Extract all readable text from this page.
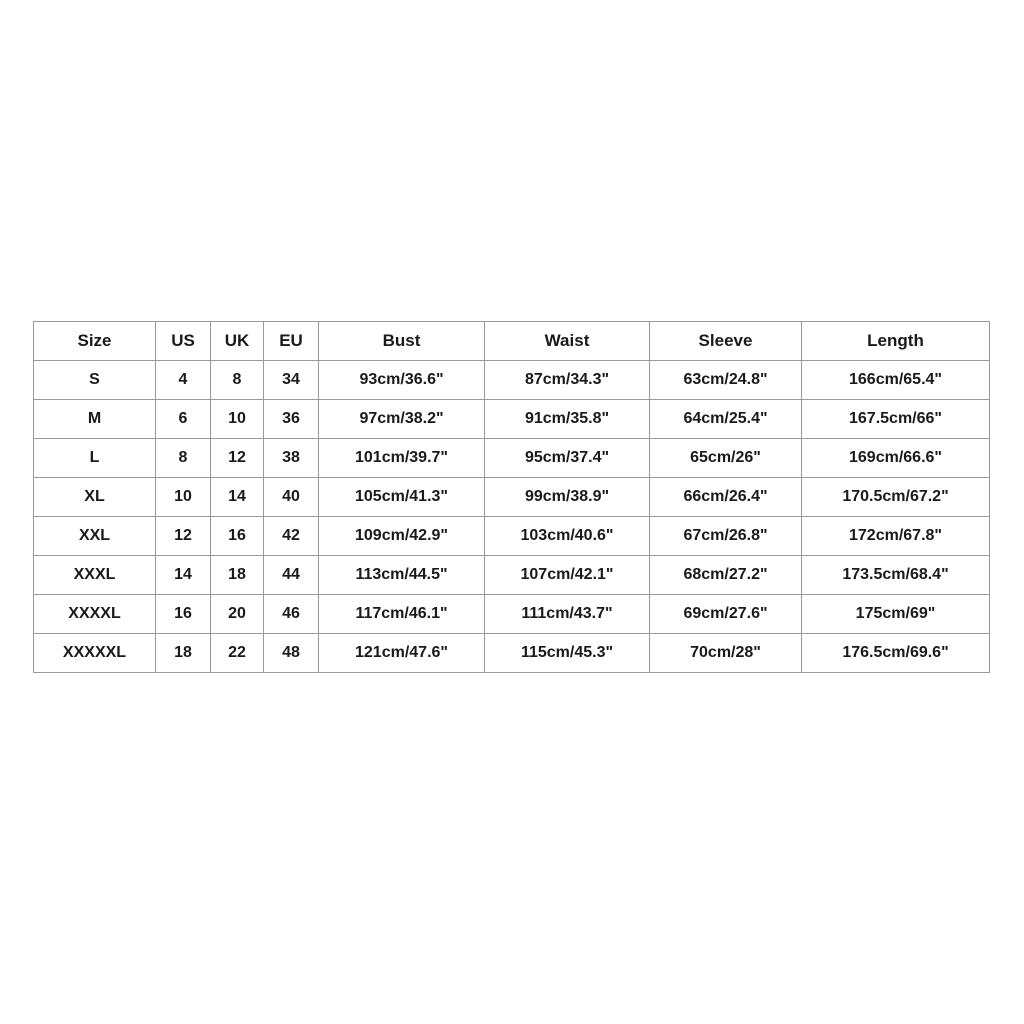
Size	US	UK	EU	Bust	Waist	Sleeve	Length
S	4	8	34	93cm/36.6"	87cm/34.3"	63cm/24.8"	166cm/65.4"
M	6	10	36	97cm/38.2"	91cm/35.8"	64cm/25.4"	167.5cm/66"
L	8	12	38	101cm/39.7"	95cm/37.4"	65cm/26"	169cm/66.6"
XL	10	14	40	105cm/41.3"	99cm/38.9"	66cm/26.4"	170.5cm/67.2"
XXL	12	16	42	109cm/42.9"	103cm/40.6"	67cm/26.8"	172cm/67.8"
XXXL	14	18	44	113cm/44.5"	107cm/42.1"	68cm/27.2"	173.5cm/68.4"
XXXXL	16	20	46	117cm/46.1"	111cm/43.7"	69cm/27.6"	175cm/69"
XXXXXL	18	22	48	121cm/47.6"	115cm/45.3"	70cm/28"	176.5cm/69.6"
